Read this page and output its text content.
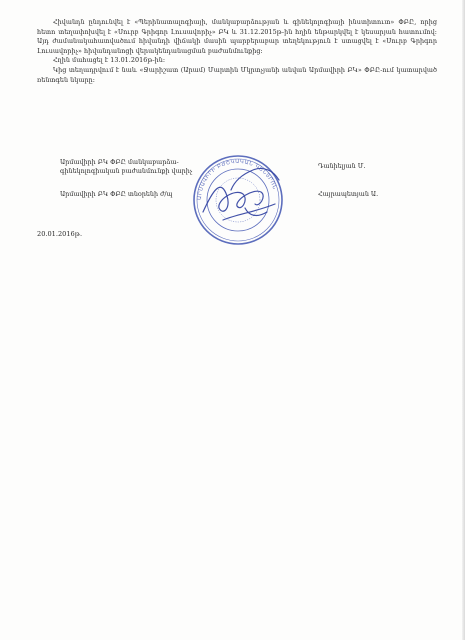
Հիվանդն ընդունվել է «Պերինատալոգիայի, մանկաբարձության և գինեկոլոգիայի ինստիտուտ» ՓԲԸ, որից հետո տեղափոխվել է «Սուրբ Գրիգոր Լուսավորիչ» ԲԿ և 31.12.2015թ-ին հղին ենթարկվել է կեսարյան հատումով: Այդ ժամանակահատվածում հիվանդի վիճակի մասին պարբերաբար տեղեկություն է ստացվել է «Սուրբ Գրիգոր Լուսավորիչ» հիվանդանոցի վերակենդանացման բաժանմունքից:

Հղին մահացել է 13.01.2016թ-ին:

Կից տեղադրվում է նաև «Ջարիշատ (Արամ) Մարտին Մկրտչյանի անվան Արմավիրի ԲԿ» ՓԲԸ-ում կատարված ռենտգեն նկարը:

Արմավիրի ԲԿ ՓԲԸ մանկաբարձա-
գինեկոլոգիական բաժանմունքի վարիչ
Դանիելյան Մ.
Արմավիրի ԲԿ ՓԲԸ տնօրենի ժ/պ	Հայրապետյան Ա.
20.01.2016թ.
ԱՐՄԱՎԻՐԻ ԲԺՇԿԱԿԱՆ ԿԵՆՏՐՈՆ
